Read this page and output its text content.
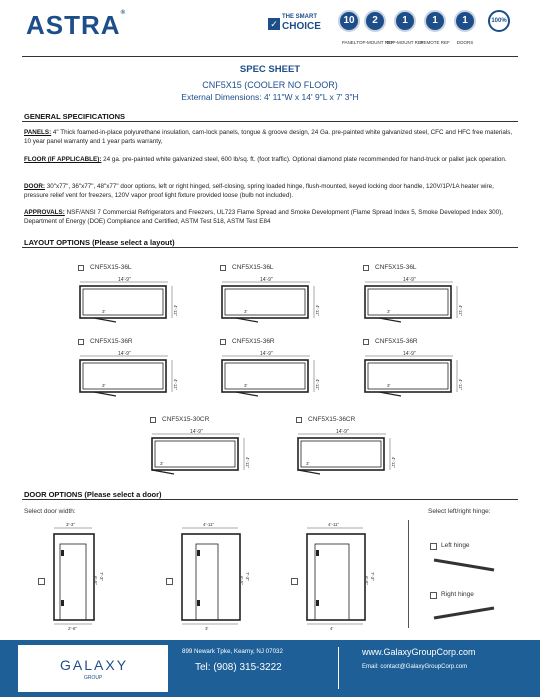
ASTRA®
✓
THE SMART
CHOICE
10	2	1	1	1	100%
PANEL TOP-MOUNT REF
TOP-MOUNT REF
REMOTE REF	DOORS
SPEC SHEET
CNF5X15 (COOLER NO FLOOR)
External Dimensions: 4' 11"W x 14' 9"L x 7' 3"H
GENERAL SPECIFICATIONS
PANELS: 4" Thick foamed-in-place polyurethane insulation, cam-lock panels, tongue & groove design, 24 Ga. pre-painted white galvanized steel, CFC and HFC free materials, 10 year panel warranty and 1 year parts warranty,
FLOOR (IF APPLICABLE): 24 ga. pre-painted white galvanized steel, 600 lb/sq. ft. (foot traffic). Optional diamond plate recommended for hand-truck or pallet jack operation.
DOOR: 30"x77", 36"x77", 48"x77" door options, left or right hinged, self-closing, spring loaded hinge, flush-mounted, keyed locking door handle, 120V/1P/1A heater wire, pressure relief vent for freezers, 120V vapor proof light fixture provided loose (bulb not included).
APPROVALS: NSF/ANSI 7 Commercial Refrigerators and Freezers, UL723 Flame Spread and Smoke Development (Flame Spread Index 5, Smoke Developed Index 300), Department of Energy (DOE) Compliance and Certified, ASTM Test 518, ASTM Test E84
LAYOUT OPTIONS (Please select a layout)
CNF5X15-36L
14'-9"
4'-11"
3'
CNF5X15-36L
14'-9"
4'-11"
3'
CNF5X15-36L
14'-9"
4'-11"
3'
CNF5X15-36R
14'-9"
4'-11"
3'
CNF5X15-36R
14'-9"
4'-11"
3'
CNF5X15-36R
14'-9"
4'-11"
3'
CNF5X15-30CR
14'-9"
4'-11"
3'
CNF5X15-36CR
14'-9"
4'-11"
3'
DOOR OPTIONS (Please select a door)
Select door width:	Select left/right hinge:
3'-3"
2'-6"
7'-3"
6'-5"
4'-11"
3'
7'-3"
6'-5"
4'-11"
4'
7'-3"
6'-5"
Left hinge
Right hinge
GALAXY
GROUP
899 Newark Tpke, Kearny, NJ 07032
Tel: (908) 315-3222
www.GalaxyGroupCorp.com
Email: contact@GalaxyGroupCorp.com
